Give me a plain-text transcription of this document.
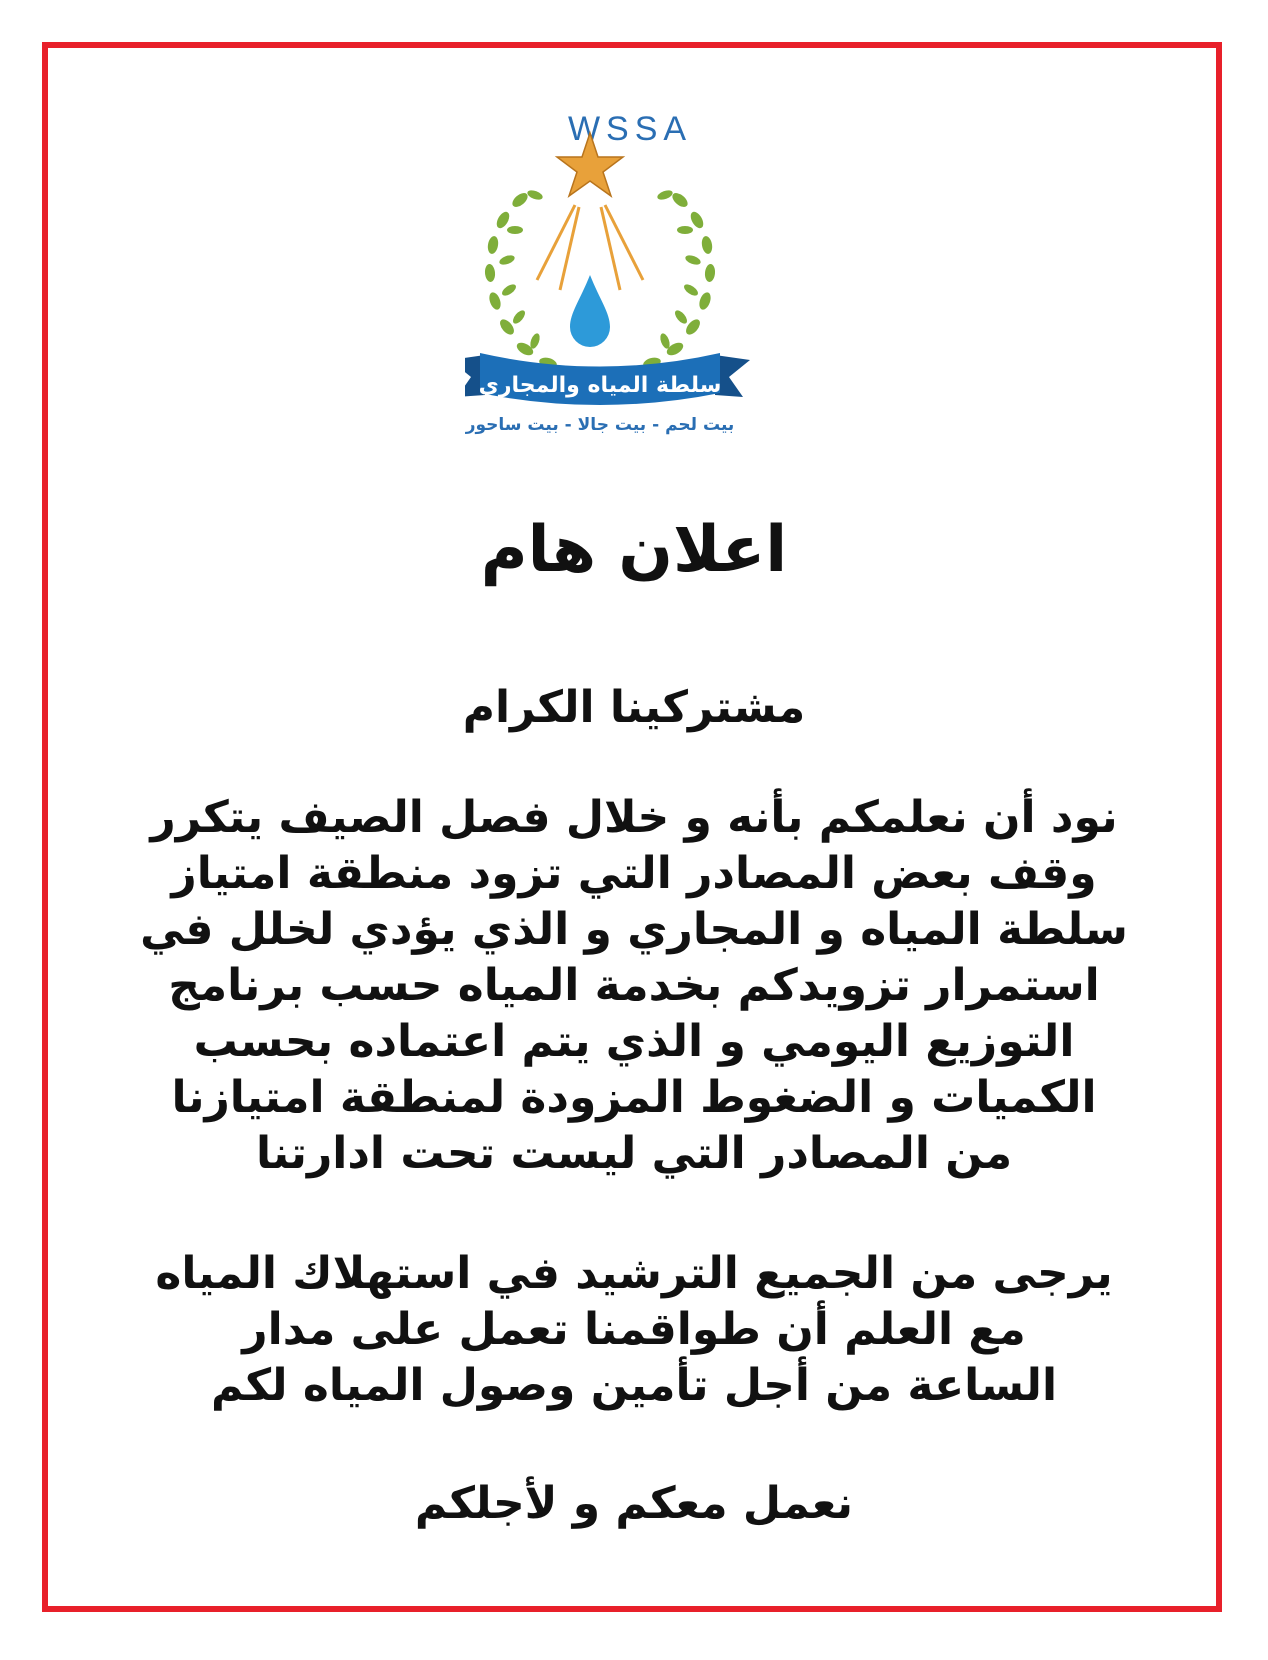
WSSA
سلطة المياه والمجاري
بيت لحم - بيت جالا - بيت ساحور
اعلان هام
مشتركينا الكرام
نود أن نعلمكم بأنه و خلال فصل الصيف يتكرر
وقف بعض المصادر التي تزود منطقة امتياز
سلطة المياه و المجاري و الذي يؤدي لخلل في
استمرار تزويدكم بخدمة المياه حسب برنامج
التوزيع اليومي و الذي يتم اعتماده بحسب
الكميات و الضغوط المزودة لمنطقة امتيازنا
من المصادر التي ليست تحت ادارتنا
يرجى من الجميع الترشيد في استهلاك المياه
مع العلم أن طواقمنا تعمل على مدار
الساعة من أجل تأمين وصول المياه لكم
نعمل معكم و لأجلكم
